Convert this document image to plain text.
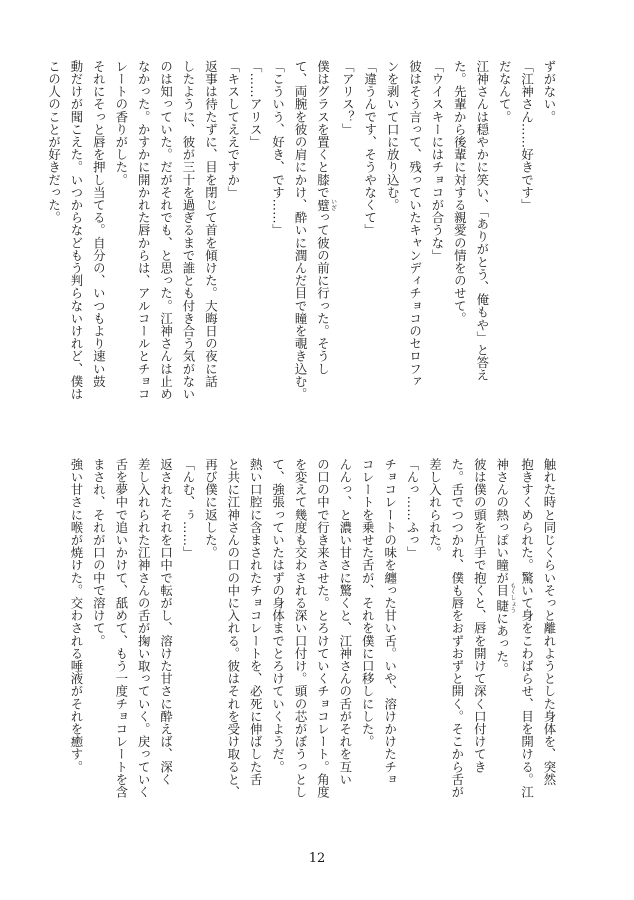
ずがない。
「江神さん……好きです」
だなんて。
江神さんは穏やかに笑い、「ありがとう、俺もや」と答え
た。先輩から後輩に対する親愛の情をのせて。
「ウイスキーにはチョコが合うな」
彼はそう言って、残っていたキャンディチョコのセロファ
ンを剥いて口に放り込む。
「違うんです、そうやなくて」
「アリス？」
僕はグラスを置くと膝で躄 いざって彼の前に行った。そうし
て、両腕を彼の肩にかけ、酔いに潤んだ目で瞳を覗き込む。
「こういう、好き、です……」
「……アリス」
「キスしてええですか」
返事は待たずに、目を閉じて首を傾けた。大晦日の夜に話
したように、彼が三十を過ぎるまで誰とも付き合う気がない
のは知っていた。だがそれでも、と思った。江神さんは止め
なかった。かすかに開かれた唇からは、アルコールとチョコ
レートの香りがした。
それにそっと唇を押し当てる。自分の、いつもより速い鼓
動だけが聞こえた。いつからなどもう判らないけれど、僕は
この人のことが好きだった。
触れた時と同じくらいそっと離れようとした身体を、突然
抱きすくめられた。驚いて身をこわばらせ、目を開ける。江
神さんの熱っぽい瞳が目睫 もくしょうにあった。
彼は僕の頭を片手で抱くと、唇を開けて深く口付けてき
た。舌でつつかれ、僕も唇をおずおずと開く。そこから舌が
差し入れられた。
「んっ……ふっ」
チョコレートの味を纏った甘い舌。いや、溶けかけたチョ
コレートを乗せた舌が、それを僕に口移しにした。
んんっ、と濃い甘さに驚くと、江神さんの舌がそれを互い
の口の中で行き来させた。とろけていくチョコレート。角度
を変えて幾度も交わされる深い口付け。頭の芯がぼうっとし
て、強張っていたはずの身体までとろけていくようだ。
熱い口腔に含まされたチョコレートを、必死に伸ばした舌
と共に江神さんの口の中に入れる。彼はそれを受け取ると、
再び僕に返した。
「んむ、ぅ……」
返されたそれを口中で転がし、溶けた甘さに酔えば、深く
差し入れられた江神さんの舌が掬い取っていく。戻っていく
舌を夢中で追いかけて、舐めて、もう一度チョコレートを含
まされ、それが口の中で溶けて。
強い甘さに喉が焼けた。交わされる唾液がそれを癒す。
12
